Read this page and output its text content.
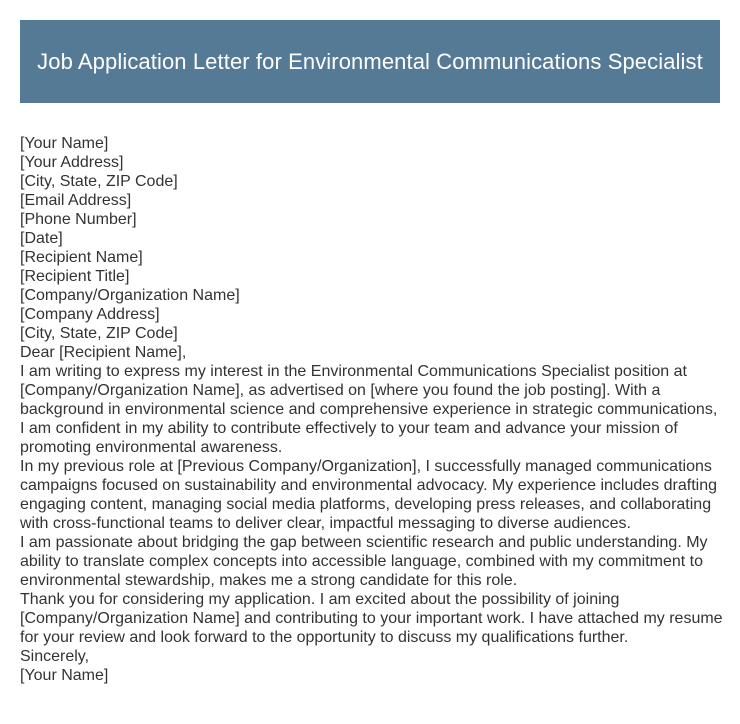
Job Application Letter for Environmental Communications Specialist
[Your Name]
[Your Address]
[City, State, ZIP Code]
[Email Address]
[Phone Number]
[Date]
[Recipient Name]
[Recipient Title]
[Company/Organization Name]
[Company Address]
[City, State, ZIP Code]
Dear [Recipient Name],
I am writing to express my interest in the Environmental Communications Specialist position at [Company/Organization Name], as advertised on [where you found the job posting]. With a background in environmental science and comprehensive experience in strategic communications, I am confident in my ability to contribute effectively to your team and advance your mission of promoting environmental awareness.
In my previous role at [Previous Company/Organization], I successfully managed communications campaigns focused on sustainability and environmental advocacy. My experience includes drafting engaging content, managing social media platforms, developing press releases, and collaborating with cross-functional teams to deliver clear, impactful messaging to diverse audiences.
I am passionate about bridging the gap between scientific research and public understanding. My ability to translate complex concepts into accessible language, combined with my commitment to environmental stewardship, makes me a strong candidate for this role.
Thank you for considering my application. I am excited about the possibility of joining [Company/Organization Name] and contributing to your important work. I have attached my resume for your review and look forward to the opportunity to discuss my qualifications further.
Sincerely,
[Your Name]
